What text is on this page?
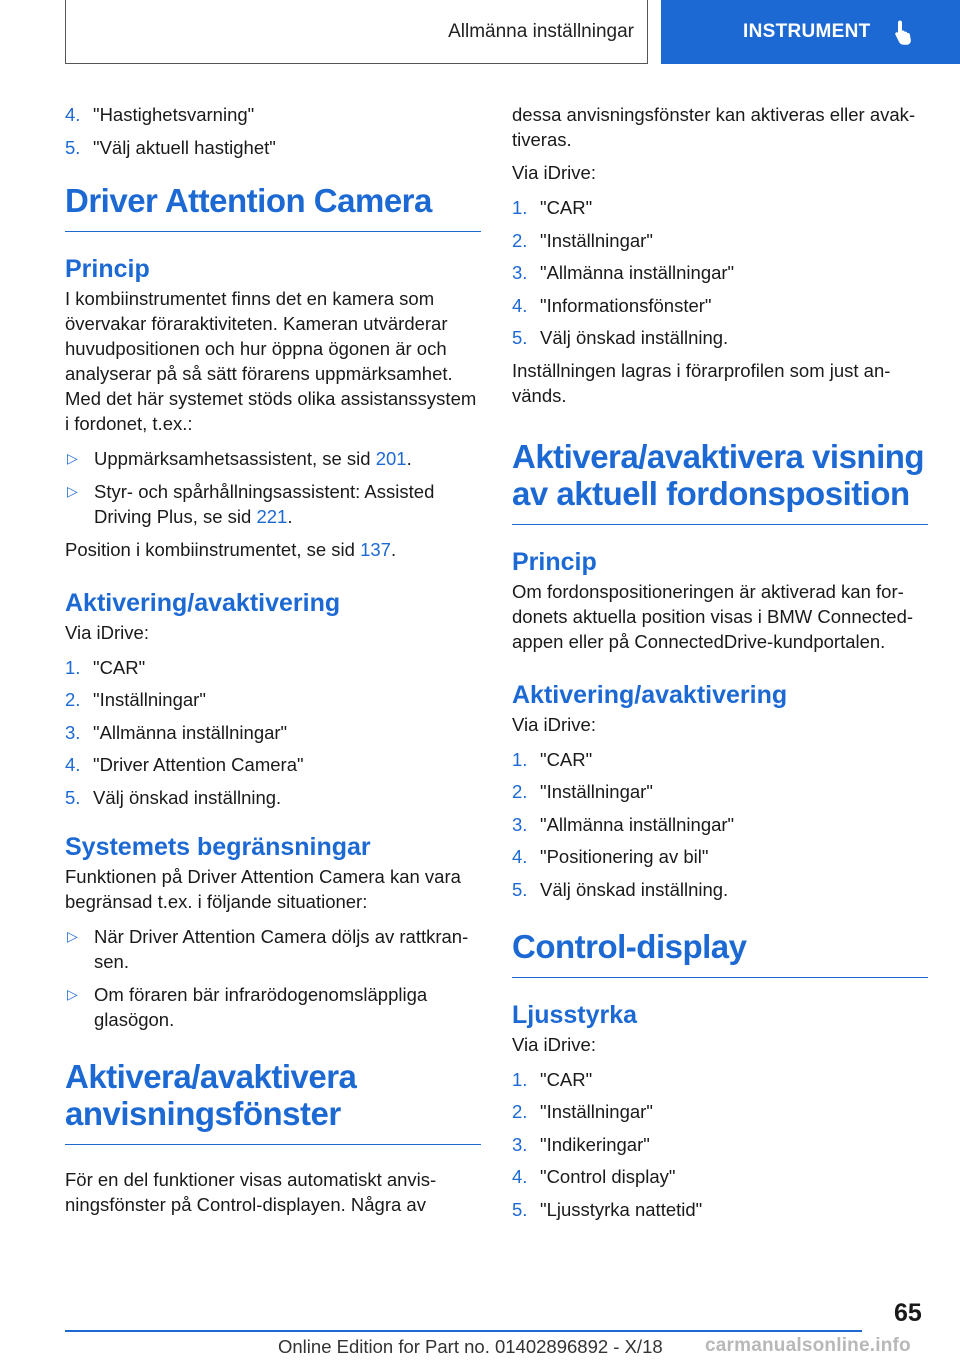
Allmänna inställningar	INSTRUMENT
4. "Hastighetsvarning"
5. "Välj aktuell hastighet"
Driver Attention Camera
Princip

I kombiinstrumentet finns det en kamera som övervakar föraraktiviteten. Kameran utvärderar huvudpositionen och hur öppna ögonen är och analyserar på så sätt förarens uppmärksamhet. Med det här systemet stöds olika assistanssystem i fordonet, t.ex.:

▷ Uppmärksamhetsassistent, se sid 201.
▷ Styr- och spårhållningsassistent: Assisted Driving Plus, se sid 221.

Position i kombiinstrumentet, se sid 137.

Aktivering/avaktivering

Via iDrive:

1. "CAR"
2. "Inställningar"
3. "Allmänna inställningar"
4. "Driver Attention Camera"
5. Välj önskad inställning.
Systemets begränsningar

Funktionen på Driver Attention Camera kan vara begränsad t.ex. i följande situationer:

▷ När Driver Attention Camera döljs av rattkransen.
▷ Om föraren bär infrarödogenomsläppliga glasögon.
Aktivera/avaktivera anvisningsfönster

För en del funktioner visas automatiskt anvisningsfönster på Control-displayen. Några av

dessa anvisningsfönster kan aktiveras eller avaktiveras.

Via iDrive:

1. "CAR"
2. "Inställningar"
3. "Allmänna inställningar"
4. "Informationsfönster"
5. Välj önskad inställning.

Inställningen lagras i förarprofilen som just används.

Aktivera/avaktivera visning av aktuell fordonsposition
Princip

Om fordonspositioneringen är aktiverad kan fordonets aktuella position visas i BMW Connected-appen eller på ConnectedDrive-kundportalen.

Aktivering/avaktivering

Via iDrive:

1. "CAR"
2. "Inställningar"
3. "Allmänna inställningar"
4. "Positionering av bil"
5. Välj önskad inställning.
Control-display
Ljusstyrka

Via iDrive:

1. "CAR"
2. "Inställningar"
3. "Indikeringar"
4. "Control display"
5. "Ljusstyrka nattetid"
65
Online Edition for Part no. 01402896892 - X/18 carmanualsonline.info
